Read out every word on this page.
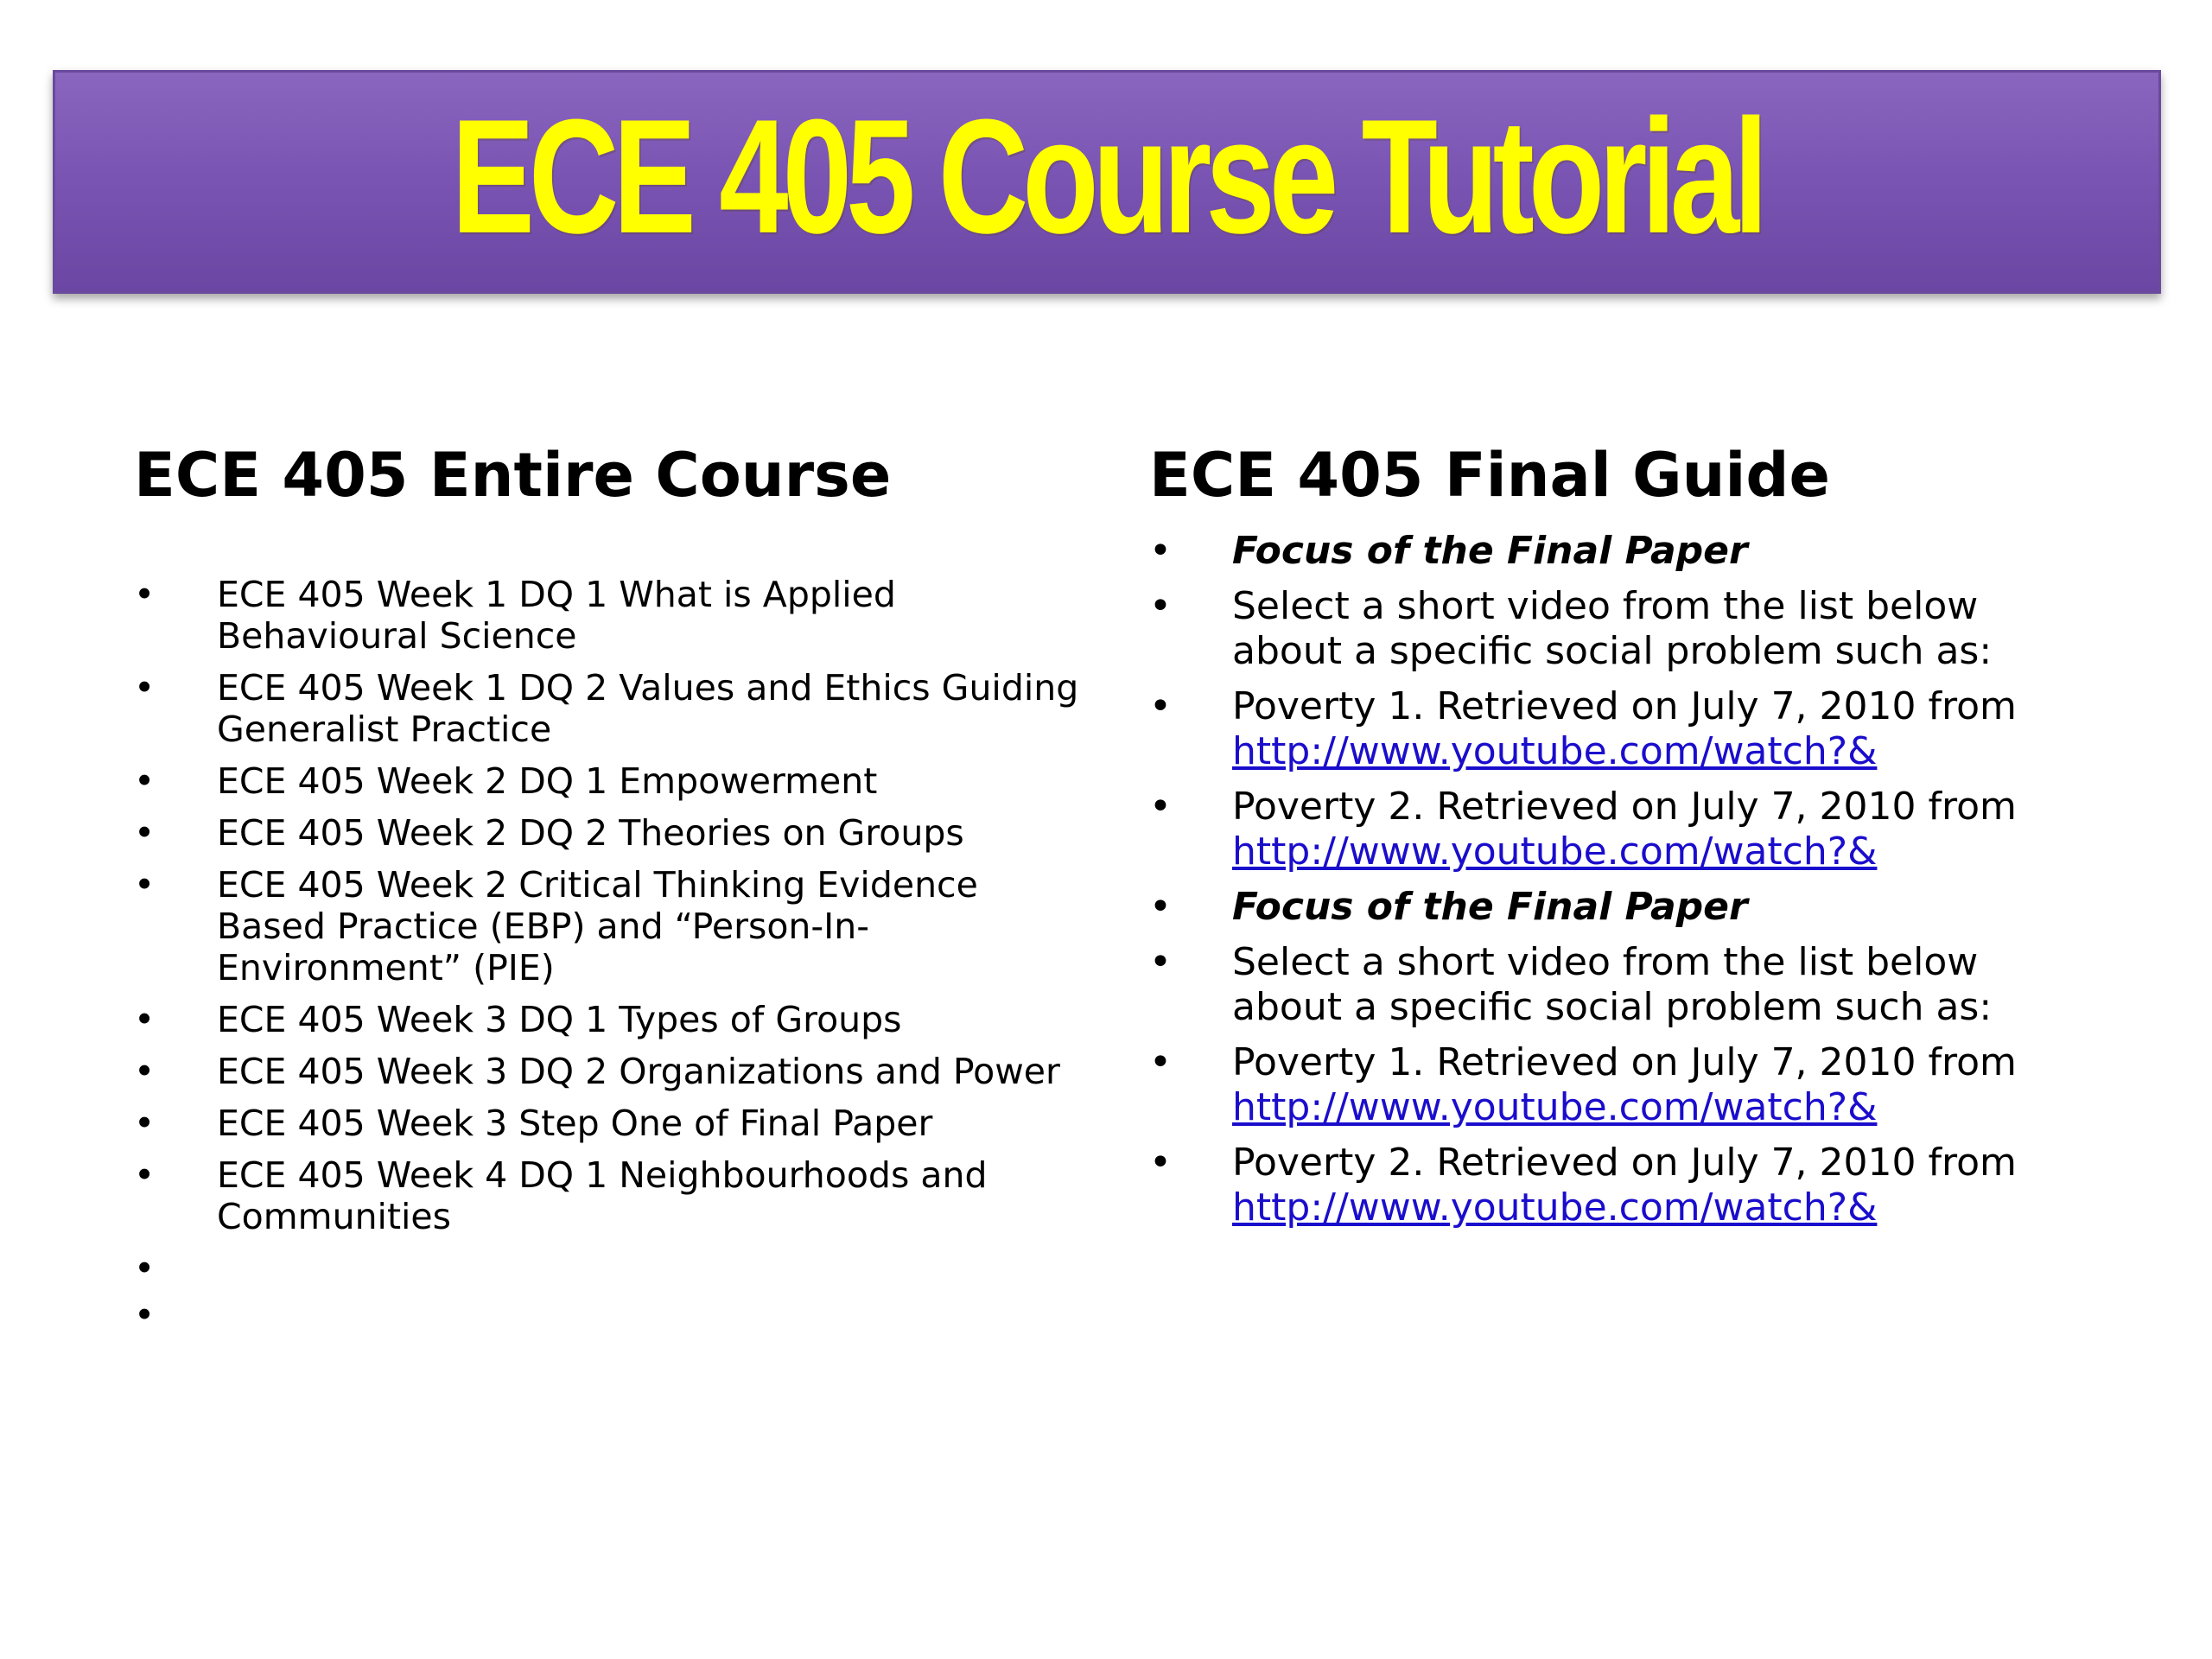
ECE 405 Course Tutorial
ECE 405 Entire Course
• ECE 405 Week 1 DQ 1 What is Applied
Behavioural Science
• ECE 405 Week 1 DQ 2 Values and Ethics Guiding
Generalist Practice
• ECE 405 Week 2 DQ 1 Empowerment
• ECE 405 Week 2 DQ 2 Theories on Groups
• ECE 405 Week 2 Critical Thinking Evidence
Based Practice (EBP) and “Person-In-
Environment” (PIE)
• ECE 405 Week 3 DQ 1 Types of Groups
• ECE 405 Week 3 DQ 2 Organizations and Power
• ECE 405 Week 3 Step One of Final Paper
• ECE 405 Week 4 DQ 1 Neighbourhoods and
Communities
•
•
ECE 405 Final Guide
• Focus of the Final Paper
• Select a short video from the list below
about a specific social problem such as:
• Poverty 1. Retrieved on July 7, 2010 from
http://www.youtube.com/watch?&
• Poverty 2. Retrieved on July 7, 2010 from
http://www.youtube.com/watch?&
• Focus of the Final Paper
• Select a short video from the list below
about a specific social problem such as:
• Poverty 1. Retrieved on July 7, 2010 from
http://www.youtube.com/watch?&
• Poverty 2. Retrieved on July 7, 2010 from
http://www.youtube.com/watch?&
